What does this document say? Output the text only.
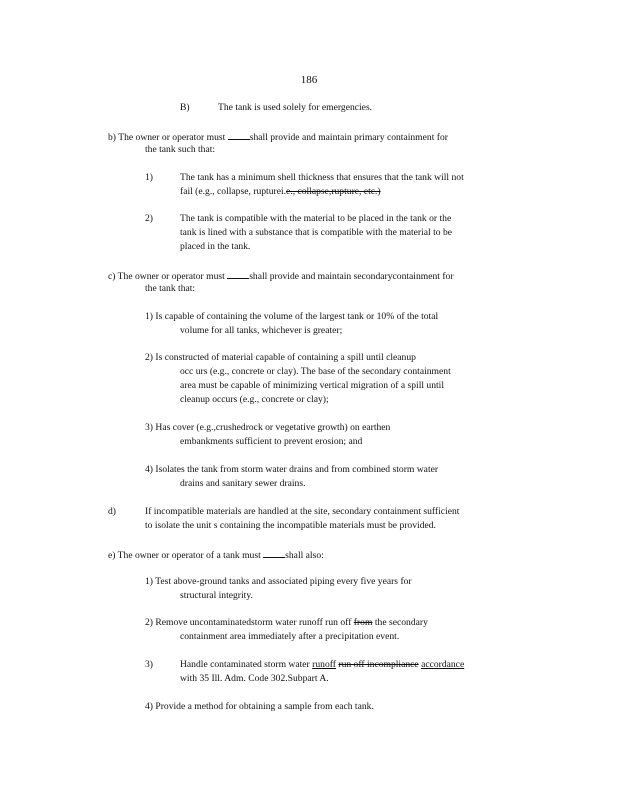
186
B)	The tank is used solely for emergencies.
b) The owner or operator must	shall provide and maintain primary containment for
the tank such that:
1)	The tank has a minimum shell thickness that ensures that the tank will not
fail (e.g., collapse, rupturei.e., collapse,rupture, etc.)
2)	The tank is compatible with the material to be placed in the tank or the
tank is lined with a substance that is compatible with the material to be
placed in the tank.
c) The owner or operator must	shall provide and maintain secondarycontainment for
the tank that:
1) Is capable of containing the volume of the largest tank or 10% of the total
volume for all tanks, whichever is greater;
2) Is constructed of material capable of containing a spill until cleanup
occ urs (e.g., concrete or clay). The base of the secondary containment
area must be capable of minimizing vertical migration of a spill until
cleanup occurs (e.g., concrete or clay);
3) Has cover (e.g.,crushedrock or vegetative growth) on earthen
embankments sufficient to prevent erosion; and
4) Isolates the tank from storm water drains and from combined storm water
drains and sanitary sewer drains.
d)	If incompatible materials are handled at the site, secondary containment sufficient
to isolate the unit s containing the incompatible materials must be provided.
e) The owner or operator of a tank must	shall also:
1) Test above-ground tanks and associated piping every five years for
structural integrity.
2) Remove uncontaminatedstorm water runoff run off from the secondary
containment area immediately after a precipitation event.
3)	Handle contaminated storm water runoff run off incompliance accordance
with 35 Ill. Adm. Code 302.Subpart A.
4) Provide a method for obtaining a sample from each tank.
